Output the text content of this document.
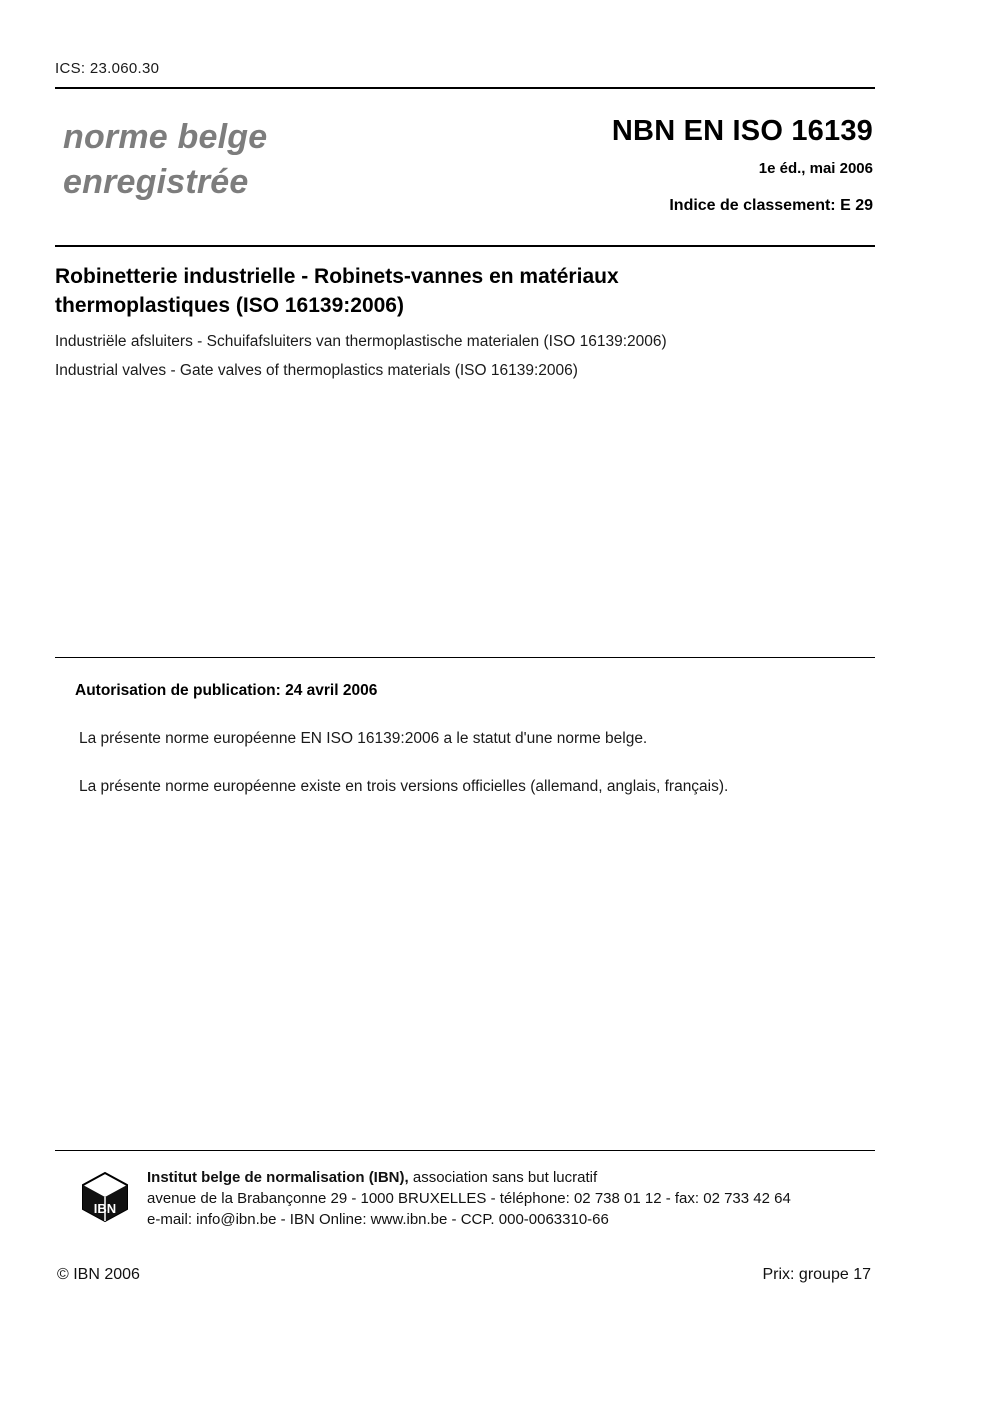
ICS: 23.060.30
norme belge
enregistrée
NBN EN ISO 16139
1e éd., mai 2006
Indice de classement: E 29
Robinetterie industrielle - Robinets-vannes en matériaux thermoplastiques (ISO 16139:2006)
Industriële afsluiters - Schuifafsluiters van thermoplastische materialen (ISO 16139:2006)
Industrial valves - Gate valves of thermoplastics materials (ISO 16139:2006)
Autorisation de publication: 24 avril 2006
La présente norme européenne EN ISO 16139:2006 a le statut d'une norme belge.
La présente norme européenne existe en trois versions officielles (allemand, anglais, français).
IBN
Institut belge de normalisation (IBN), association sans but lucratif
avenue de la Brabançonne 29 - 1000 BRUXELLES - téléphone: 02 738 01 12 - fax: 02 733 42 64
e-mail: info@ibn.be - IBN Online: www.ibn.be - CCP. 000-0063310-66
© IBN 2006	Prix: groupe 17
